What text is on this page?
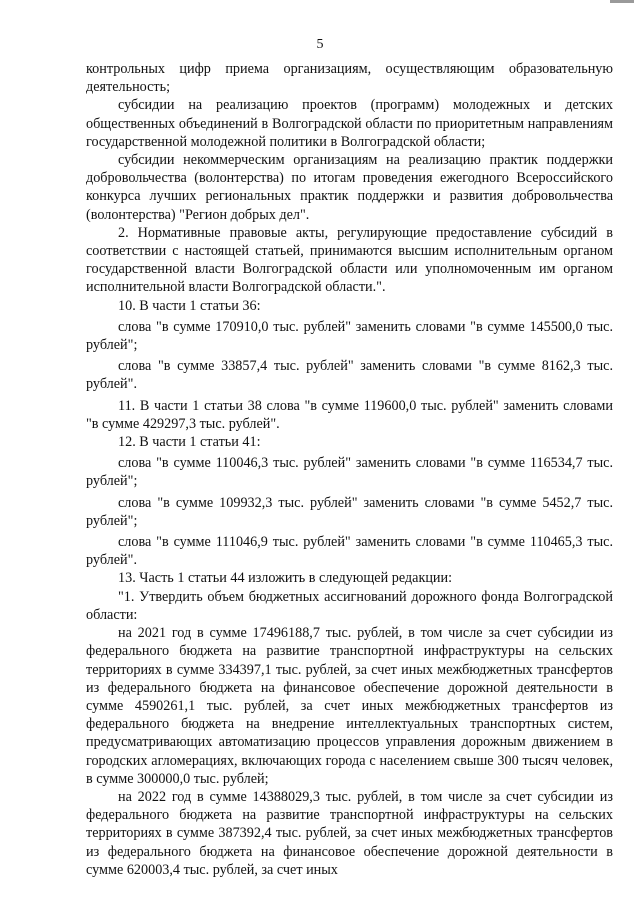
5

контрольных цифр приема организациям, осуществляющим образовательную деятельность;

субсидии на реализацию проектов (программ) молодежных и детских общественных объединений в Волгоградской области по приоритетным направлениям государственной молодежной политики в Волгоградской области;

субсидии некоммерческим организациям на реализацию практик поддержки добровольчества (волонтерства) по итогам проведения ежегодного Всероссийского конкурса лучших региональных практик поддержки и развития добровольчества (волонтерства) "Регион добрых дел".

2. Нормативные правовые акты, регулирующие предоставление субсидий в соответствии с настоящей статьей, принимаются высшим исполнительным органом государственной власти Волгоградской области или уполномоченным им органом исполнительной власти Волгоградской области.".

10. В части 1 статьи 36:

слова "в сумме 170910,0 тыс. рублей" заменить словами "в сумме 145500,0 тыс. рублей";

слова "в сумме 33857,4 тыс. рублей" заменить словами "в сумме 8162,3 тыс. рублей".

11. В части 1 статьи 38 слова "в сумме 119600,0 тыс. рублей" заменить словами "в сумме 429297,3 тыс. рублей".

12. В части 1 статьи 41:

слова "в сумме 110046,3 тыс. рублей" заменить словами "в сумме 116534,7 тыс. рублей";

слова "в сумме 109932,3 тыс. рублей" заменить словами "в сумме 5452,7 тыс. рублей";

слова "в сумме 111046,9 тыс. рублей" заменить словами "в сумме 110465,3 тыс. рублей".

13. Часть 1 статьи 44 изложить в следующей редакции:

"1. Утвердить объем бюджетных ассигнований дорожного фонда Волгоградской области:

на 2021 год в сумме 17496188,7 тыс. рублей, в том числе за счет субсидии из федерального бюджета на развитие транспортной инфраструктуры на сельских территориях в сумме 334397,1 тыс. рублей, за счет иных межбюджетных трансфертов из федерального бюджета на финансовое обеспечение дорожной деятельности в сумме 4590261,1 тыс. рублей, за счет иных межбюджетных трансфертов из федерального бюджета на внедрение интеллектуальных транспортных систем, предусматривающих автоматизацию процессов управления дорожным движением в городских агломерациях, включающих города с населением свыше 300 тысяч человек, в сумме 300000,0 тыс. рублей;

на 2022 год в сумме 14388029,3 тыс. рублей, в том числе за счет субсидии из федерального бюджета на развитие транспортной инфраструктуры на сельских территориях в сумме 387392,4 тыс. рублей, за счет иных межбюджетных трансфертов из федерального бюджета на финансовое обеспечение дорожной деятельности в сумме 620003,4 тыс. рублей, за счет иных
